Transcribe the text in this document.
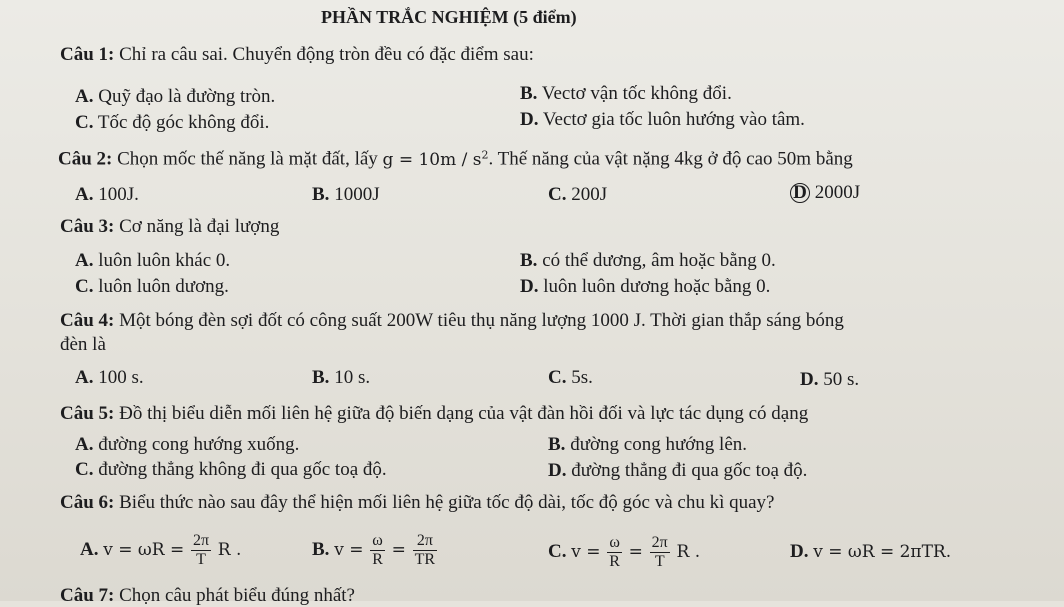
PHẦN TRẮC NGHIỆM (5 điểm)
Câu 1: Chỉ ra câu sai. Chuyển động tròn đều có đặc điểm sau:
A. Quỹ đạo là đường tròn.	B. Vectơ vận tốc không đổi.
C. Tốc độ góc không đổi.	D. Vectơ gia tốc luôn hướng vào tâm.
Câu 2: Chọn mốc thế năng là mặt đất, lấy $g = 10m / s^2$. Thế năng của vật nặng 4kg ở độ cao 50m bằng
A. 100J.	B. 1000J	C. 200J	D 2000J
Câu 3: Cơ năng là đại lượng
A. luôn luôn khác 0.	B. có thể dương, âm hoặc bằng 0.
C. luôn luôn dương.	D. luôn luôn dương hoặc bằng 0.
Câu 4: Một bóng đèn sợi đốt có công suất 200W tiêu thụ năng lượng 1000 J. Thời gian thắp sáng bóng
đèn là
A. 100 s.	B. 10 s.	C. 5s.	D. 50 s.
Câu 5: Đồ thị biểu diễn mối liên hệ giữa độ biến dạng của vật đàn hồi đối và lực tác dụng có dạng
A. đường cong hướng xuống.	B. đường cong hướng lên.
C. đường thẳng không đi qua gốc toạ độ.	D. đường thẳng đi qua gốc toạ độ.
Câu 6: Biểu thức nào sau đây thể hiện mối liên hệ giữa tốc độ dài, tốc độ góc và chu kì quay?
A. $v = \omega R = \frac{2\pi}{T}$ R .	B. $v = \frac{\omega}{R} = \frac{2\pi}{TR}$	C. $v = \frac{\omega}{R} = \frac{2\pi}{T}$ R .	D. v = ωR = 2πTR.
Câu 7: Chọn câu phát biểu đúng nhất?
